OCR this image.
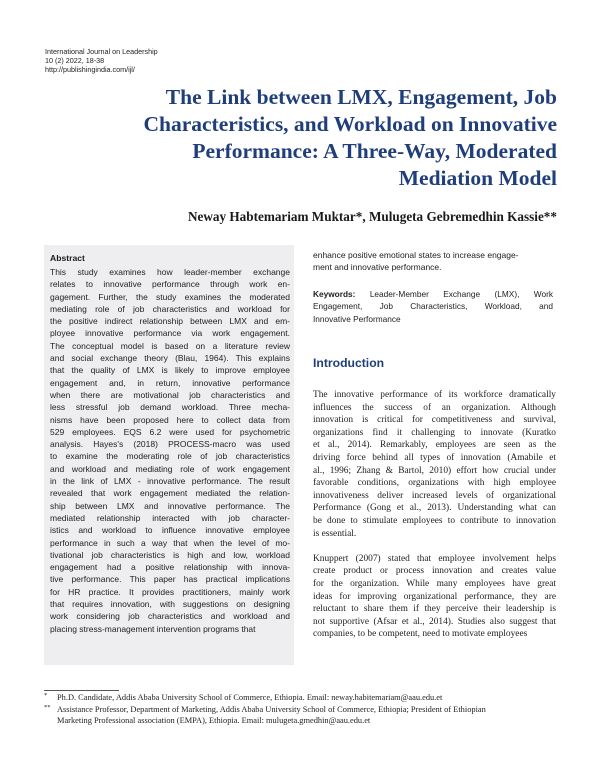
International Journal on Leadership
10 (2) 2022, 18-38
http://publishingindia.com/ijl/
The Link between LMX, Engagement, Job
Characteristics, and Workload on Innovative
Performance: A Three-Way, Moderated
Mediation Model
Neway Habtemariam Muktar*, Mulugeta Gebremedhin Kassie**
Abstract
This study examines how leader-member exchange
relates to innovative performance through work en-
gagement. Further, the study examines the moderated
mediating role of job characteristics and workload for
the positive indirect relationship between LMX and em-
ployee innovative performance via work engagement.
The conceptual model is based on a literature review
and social exchange theory (Blau, 1964). This explains
that the quality of LMX is likely to improve employee
engagement and, in return, innovative performance
when there are motivational job characteristics and
less stressful job demand workload. Three mecha-
nisms have been proposed here to collect data from
529 employees. EQS 6.2 were used for psychometric
analysis. Hayes's (2018) PROCESS-macro was used
to examine the moderating role of job characteristics
and workload and mediating role of work engagement
in the link of LMX - innovative performance. The result
revealed that work engagement mediated the relation-
ship between LMX and innovative performance. The
mediated relationship interacted with job character-
istics and workload to influence innovative employee
performance in such a way that when the level of mo-
tivational job characteristics is high and low, workload
engagement had a positive relationship with innova-
tive performance. This paper has practical implications
for HR practice. It provides practitioners, mainly work
that requires innovation, with suggestions on designing
work considering job characteristics and workload and
placing stress-management intervention programs that
enhance positive emotional states to increase engage-
ment and innovative performance.
Keywords: Leader-Member Exchange (LMX), Work
Engagement, Job Characteristics, Workload, and
Innovative Performance
Introduction
The innovative performance of its workforce dramatically
influences the success of an organization. Although
innovation is critical for competitiveness and survival,
organizations find it challenging to innovate (Kuratko
et al., 2014). Remarkably, employees are seen as the
driving force behind all types of innovation (Amabile et
al., 1996; Zhang & Bartol, 2010) effort how crucial under
favorable conditions, organizations with high employee
innovativeness deliver increased levels of organizational
Performance (Gong et al., 2013). Understanding what can
be done to stimulate employees to contribute to innovation
is essential.
Knuppert (2007) stated that employee involvement helps
create product or process innovation and creates value
for the organization. While many employees have great
ideas for improving organizational performance, they are
reluctant to share them if they perceive their leadership is
not supportive (Afsar et al., 2014). Studies also suggest that
companies, to be competent, need to motivate employees
* Ph.D. Candidate, Addis Ababa University School of Commerce, Ethiopia. Email: neway.habitemariam@aau.edu.et
** Assistance Professor, Department of Marketing, Addis Ababa University School of Commerce, Ethiopia; President of Ethiopian
Marketing Professional association (EMPA), Ethiopia. Email: mulugeta.gmedhin@aau.edu.et
